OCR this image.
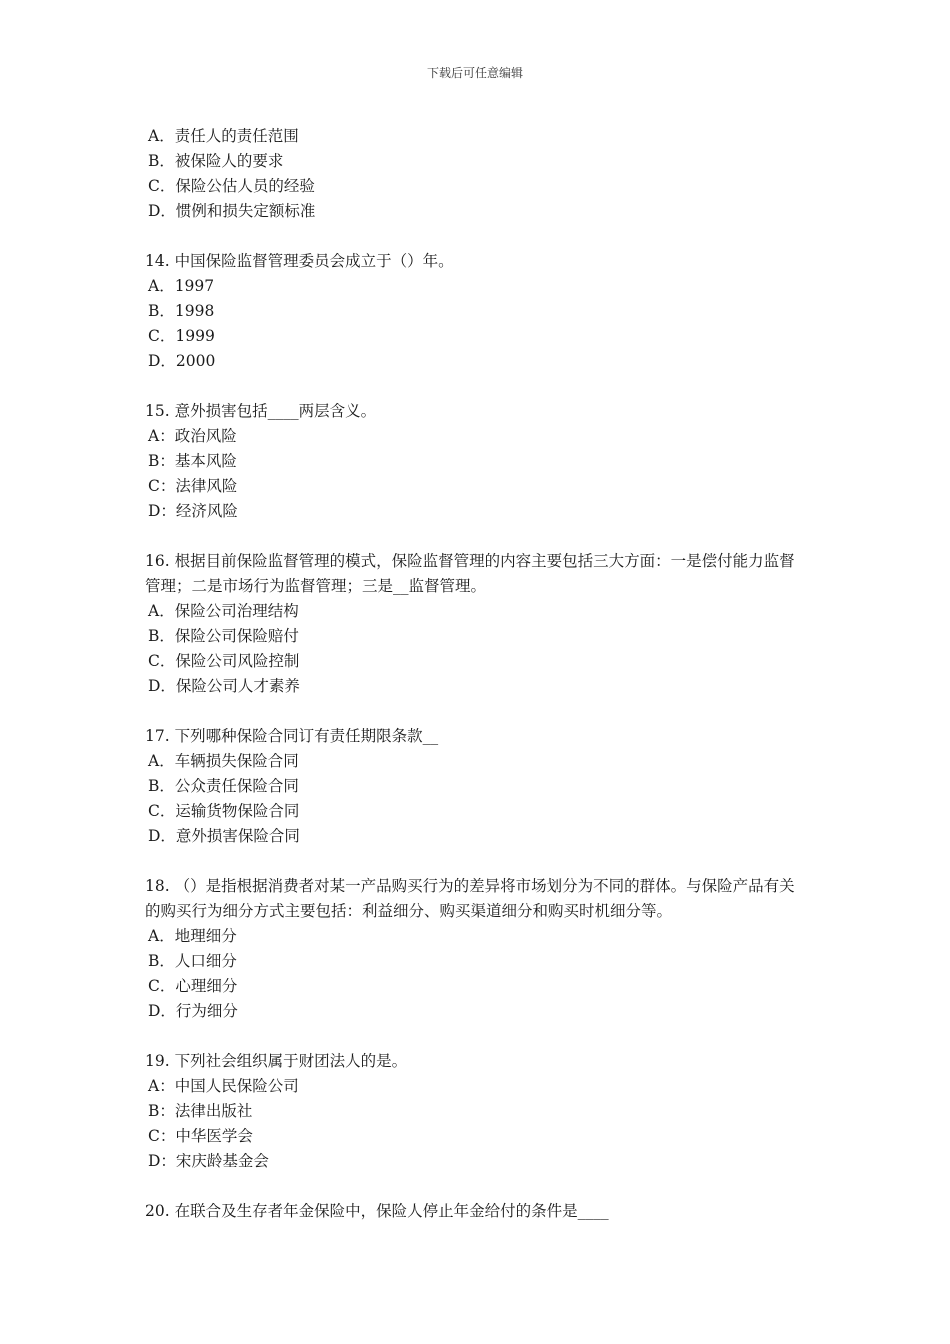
下载后可任意编辑
A．责任人的责任范围
B．被保险人的要求
C．保险公估人员的经验
D．惯例和损失定额标准
14. 中国保险监督管理委员会成立于（）年。
A．1997
B．1998
C．1999
D．2000
15. 意外损害包括____两层含义。
A：政治风险
B：基本风险
C：法律风险
D：经济风险
16. 根据目前保险监督管理的模式，保险监督管理的内容主要包括三大方面：一是偿付能力监督管理；二是市场行为监督管理；三是__监督管理。
A．保险公司治理结构
B．保险公司保险赔付
C．保险公司风险控制
D．保险公司人才素养
17. 下列哪种保险合同订有责任期限条款__
A．车辆损失保险合同
B．公众责任保险合同
C．运输货物保险合同
D．意外损害保险合同
18. （）是指根据消费者对某一产品购买行为的差异将市场划分为不同的群体。与保险产品有关的购买行为细分方式主要包括：利益细分、购买渠道细分和购买时机细分等。
A．地理细分
B．人口细分
C．心理细分
D．行为细分
19. 下列社会组织属于财团法人的是。
A：中国人民保险公司
B：法律出版社
C：中华医学会
D：宋庆龄基金会
20. 在联合及生存者年金保险中，保险人停止年金给付的条件是____
